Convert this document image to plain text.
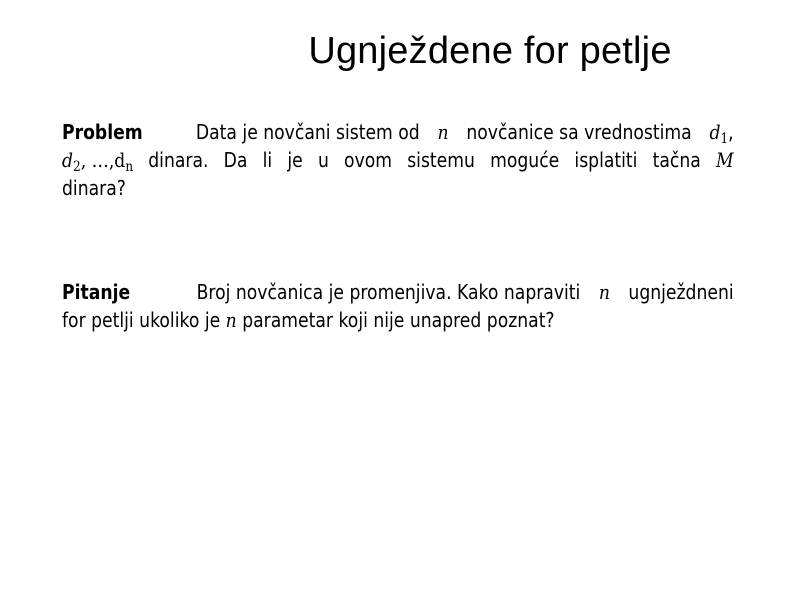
Ugnježdene for petlje
Problem	Data je novčani sistem od n novčanice sa vrednostima $d_1$,
$d_2$, $\dots,d_n$ dinara. Da li je u ovom sistemu moguće isplatiti tačna M
dinara?
Pitanje	Broj novčanica je promenjiva. Kako napraviti n ugnježdneni
for petlji ukoliko je
n
parametar koji nije unapred poznat?
